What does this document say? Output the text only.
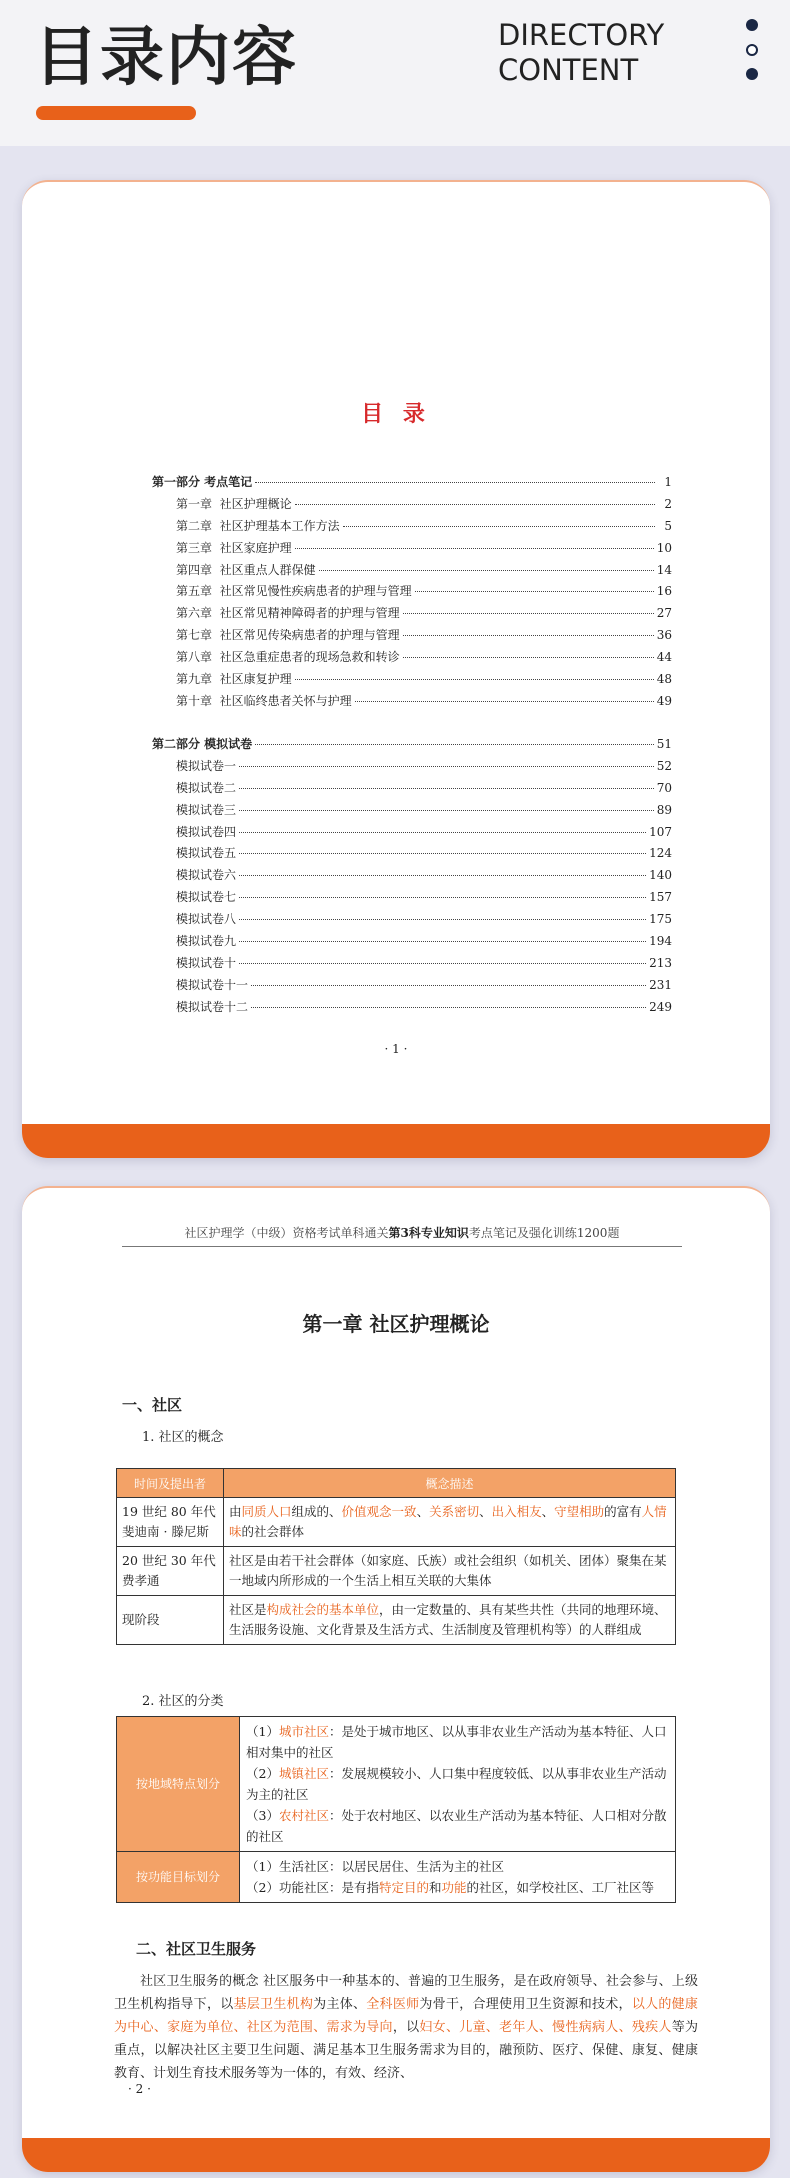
目录内容	DIRECTORY
CONTENT
目 录
第一部分 考点笔记	1
第一章 社区护理概论	2
第二章 社区护理基本工作方法	5
第三章 社区家庭护理	10
第四章 社区重点人群保健	14
第五章 社区常见慢性疾病患者的护理与管理	16
第六章 社区常见精神障碍者的护理与管理	27
第七章 社区常见传染病患者的护理与管理	36
第八章 社区急重症患者的现场急救和转诊	44
第九章 社区康复护理	48
第十章 社区临终患者关怀与护理	49
第二部分 模拟试卷	51
模拟试卷一	52
模拟试卷二	70
模拟试卷三	89
模拟试卷四	107
模拟试卷五	124
模拟试卷六	140
模拟试卷七	157
模拟试卷八	175
模拟试卷九	194
模拟试卷十	213
模拟试卷十一	231
模拟试卷十二	249
· 1 ·
社区护理学（中级）资格考试单科通关第3科专业知识考点笔记及强化训练1200题
第一章 社区护理概论
一、社区
1. 社区的概念
时间及提出者	概念描述
19 世纪 80 年代 斐迪南 · 滕尼斯	由同质人口组成的、价值观念一致、关系密切、出入相友、守望相助的富有人情味的社会群体
20 世纪 30 年代 费孝通	社区是由若干社会群体（如家庭、氏族）或社会组织（如机关、团体）聚集在某一地域内所形成的一个生活上相互关联的大集体
现阶段	社区是构成社会的基本单位，由一定数量的、具有某些共性（共同的地理环境、生活服务设施、文化背景及生活方式、生活制度及管理机构等）的人群组成
2. 社区的分类
按地域特点划分	（1）城市社区：是处于城市地区、以从事非农业生产活动为基本特征、人口相对集中的社区
（2）城镇社区：发展规模较小、人口集中程度较低、以从事非农业生产活动为主的社区
（3）农村社区：处于农村地区、以农业生产活动为基本特征、人口相对分散的社区

按功能目标划分	（1）生活社区：以居民居住、生活为主的社区
（2）功能社区：是有指特定目的和功能的社区，如学校社区、工厂社区等
二、社区卫生服务
社区卫生服务的概念 社区服务中一种基本的、普遍的卫生服务，是在政府领导、社会参与、上级卫生机构指导下，以基层卫生机构为主体、全科医师为骨干，合理使用卫生资源和技术，以人的健康为中心、家庭为单位、社区为范围、需求为导向，以妇女、儿童、老年人、慢性病病人、残疾人等为重点，以解决社区主要卫生问题、满足基本卫生服务需求为目的，融预防、医疗、保健、康复、健康教育、计划生育技术服务等为一体的，有效、经济、
· 2 ·
